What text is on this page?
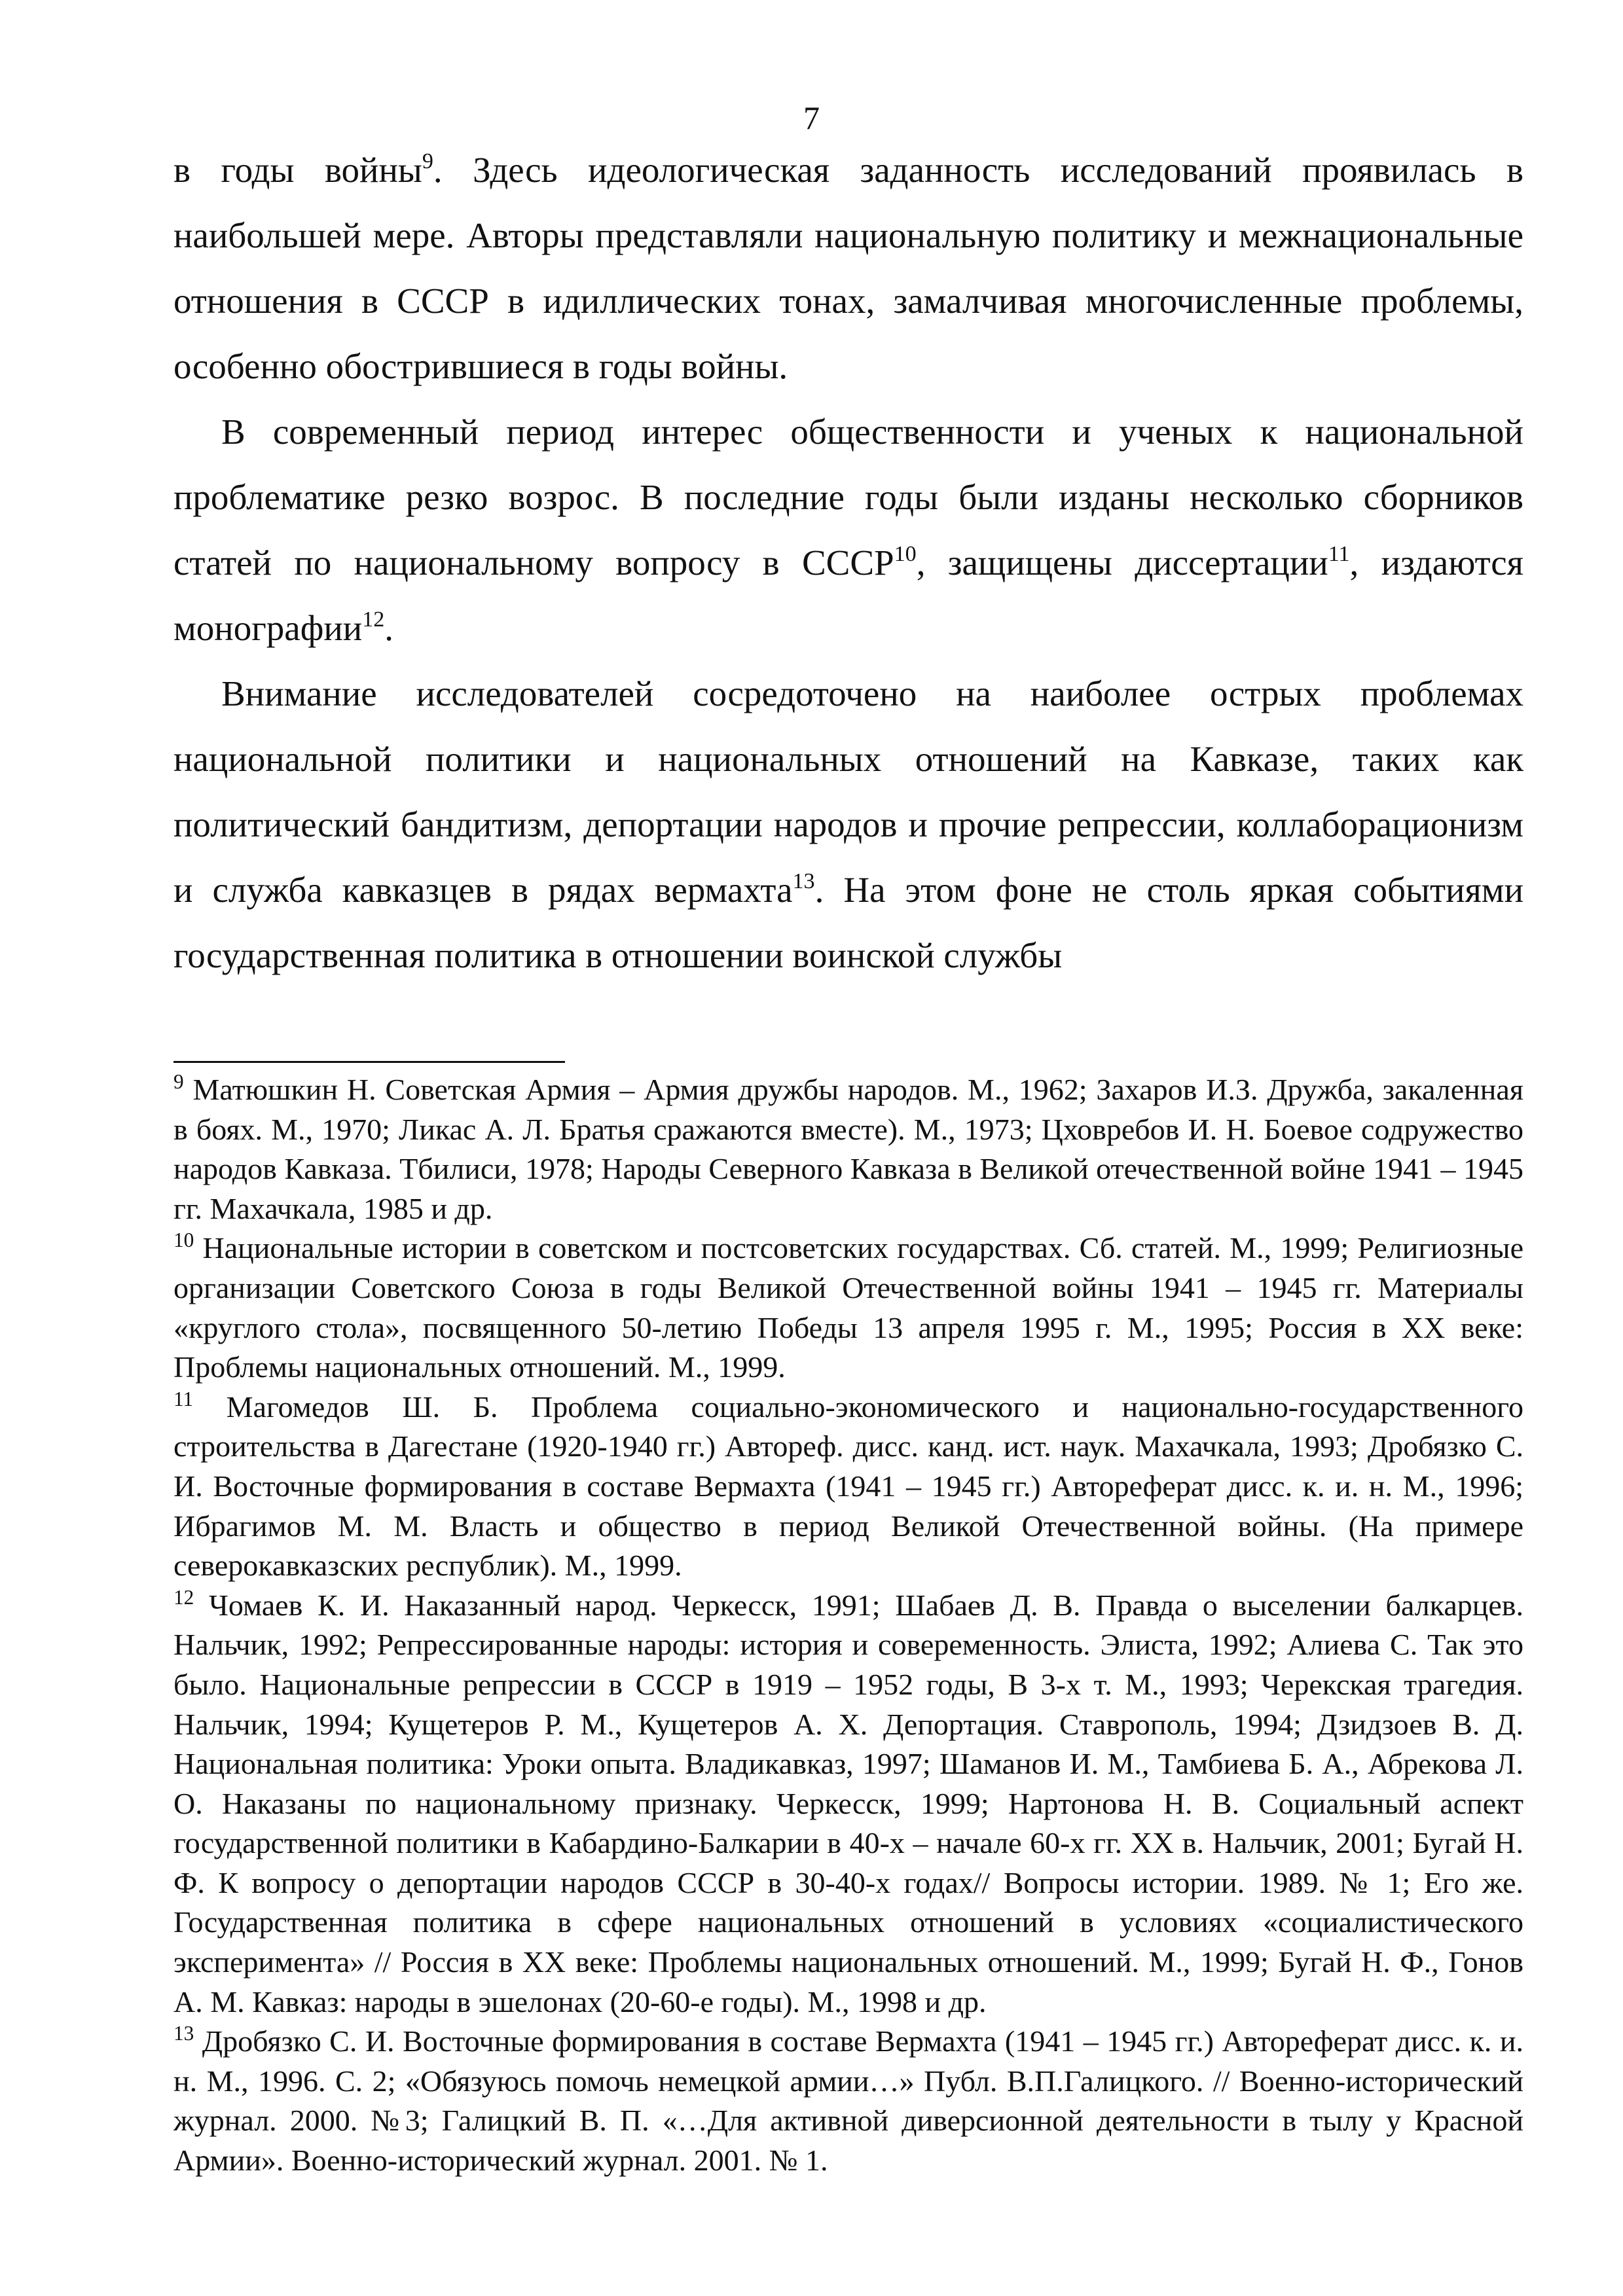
7

в годы войны$^9$. Здесь идеологическая заданность исследований проявилась в наибольшей мере. Авторы представляли национальную политику и межнациональные отношения в СССР в идиллических тонах, замалчивая многочисленные проблемы, особенно обострившиеся в годы войны.

В современный период интерес общественности и ученых к национальной проблематике резко возрос. В последние годы были изданы несколько сборников статей по национальному вопросу в СССР$^{10}$, защищены диссертации$^{11}$, издаются монографии$^{12}$.

Внимание исследователей сосредоточено на наиболее острых проблемах национальной политики и национальных отношений на Кавказе, таких как политический бандитизм, депортации народов и прочие репрессии, коллаборационизм и служба кавказцев в рядах вермахта$^{13}$. На этом фоне не столь яркая событиями государственная политика в отношении воинской службы

$^9$ Матюшкин Н. Советская Армия – Армия дружбы народов. М., 1962; Захаров И.З. Дружба, закаленная в боях. М., 1970; Ликас А. Л. Братья сражаются вместе). М., 1973; Цховребов И. Н. Боевое содружество народов Кавказа. Тбилиси, 1978; Народы Северного Кавказа в Великой отечественной войне 1941 – 1945 гг. Махачкала, 1985 и др.

$^{10}$ Национальные истории в советском и постсоветских государствах. Сб. статей. М., 1999; Религиозные организации Советского Союза в годы Великой Отечественной войны 1941 – 1945 гг. Материалы «круглого стола», посвященного 50-летию Победы 13 апреля 1995 г. М., 1995; Россия в XX веке: Проблемы национальных отношений. М., 1999.

$^{11}$ Магомедов Ш. Б. Проблема социально-экономического и национально-государственного строительства в Дагестане (1920-1940 гг.) Автореф. дисс. канд. ист. наук. Махачкала, 1993; Дробязко С. И. Восточные формирования в составе Вермахта (1941 – 1945 гг.) Автореферат дисс. к. и. н. М., 1996; Ибрагимов М. М. Власть и общество в период Великой Отечественной войны. (На примере северокавказских республик). М., 1999.

$^{12}$ Чомаев К. И. Наказанный народ. Черкесск, 1991; Шабаев Д. В. Правда о выселении балкарцев. Нальчик, 1992; Репрессированные народы: история и совеременность. Элиста, 1992; Алиева С. Так это было. Национальные репрессии в СССР в 1919 – 1952 годы, В 3-х т. М., 1993; Черекская трагедия. Нальчик, 1994; Кущетеров Р. М., Кущетеров А. Х. Депортация. Ставрополь, 1994; Дзидзоев В. Д. Национальная политика: Уроки опыта. Владикавказ, 1997; Шаманов И. М., Тамбиева Б. А., Абрекова Л. О. Наказаны по национальному признаку. Черкесск, 1999; Нартонова Н. В. Социальный аспект государственной политики в Кабардино-Балкарии в 40-х – начале 60-х гг. XX в. Нальчик, 2001; Бугай Н. Ф. К вопросу о депортации народов СССР в 30-40-х годах// Вопросы истории. 1989. № 1; Его же. Государственная политика в сфере национальных отношений в условиях «социалистического эксперимента» // Россия в XX веке: Проблемы национальных отношений. М., 1999; Бугай Н. Ф., Гонов А. М. Кавказ: народы в эшелонах (20-60-е годы). М., 1998 и др.

$^{13}$ Дробязко С. И. Восточные формирования в составе Вермахта (1941 – 1945 гг.) Автореферат дисс. к. и. н. М., 1996. С. 2; «Обязуюсь помочь немецкой армии…» Публ. В.П.Галицкого. // Военно-исторический журнал. 2000. №3; Галицкий В. П. «…Для активной диверсионной деятельности в тылу у Красной Армии». Военно-исторический журнал. 2001. № 1.
